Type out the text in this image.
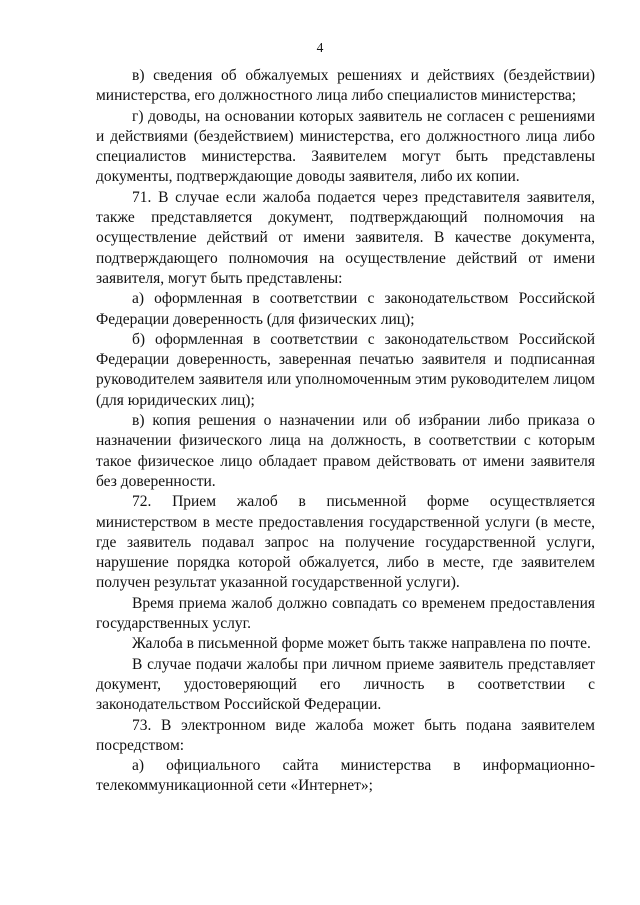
4

в) сведения об обжалуемых решениях и действиях (бездействии) министерства, его должностного лица либо специалистов министерства;

г) доводы, на основании которых заявитель не согласен с решениями и действиями (бездействием) министерства, его должностного лица либо специалистов министерства. Заявителем могут быть представлены документы, подтверждающие доводы заявителя, либо их копии.

71. В случае если жалоба подается через представителя заявителя, также представляется документ, подтверждающий полномочия на осуществление действий от имени заявителя. В качестве документа, подтверждающего полномочия на осуществление действий от имени заявителя, могут быть представлены:

а) оформленная в соответствии с законодательством Российской Федерации доверенность (для физических лиц);

б) оформленная в соответствии с законодательством Российской Федерации доверенность, заверенная печатью заявителя и подписанная руководителем заявителя или уполномоченным этим руководителем лицом (для юридических лиц);

в) копия решения о назначении или об избрании либо приказа о назначении физического лица на должность, в соответствии с которым такое физическое лицо обладает правом действовать от имени заявителя без доверенности.

72. Прием жалоб в письменной форме осуществляется министерством в месте предоставления государственной услуги (в месте, где заявитель подавал запрос на получение государственной услуги, нарушение порядка которой обжалуется, либо в месте, где заявителем получен результат указанной государственной услуги).

Время приема жалоб должно совпадать со временем предоставления государственных услуг.

Жалоба в письменной форме может быть также направлена по почте.

В случае подачи жалобы при личном приеме заявитель представляет документ, удостоверяющий его личность в соответствии с законодательством Российской Федерации.

73. В электронном виде жалоба может быть подана заявителем посредством:

а) официального сайта министерства в информационно-телекоммуникационной сети «Интернет»;
